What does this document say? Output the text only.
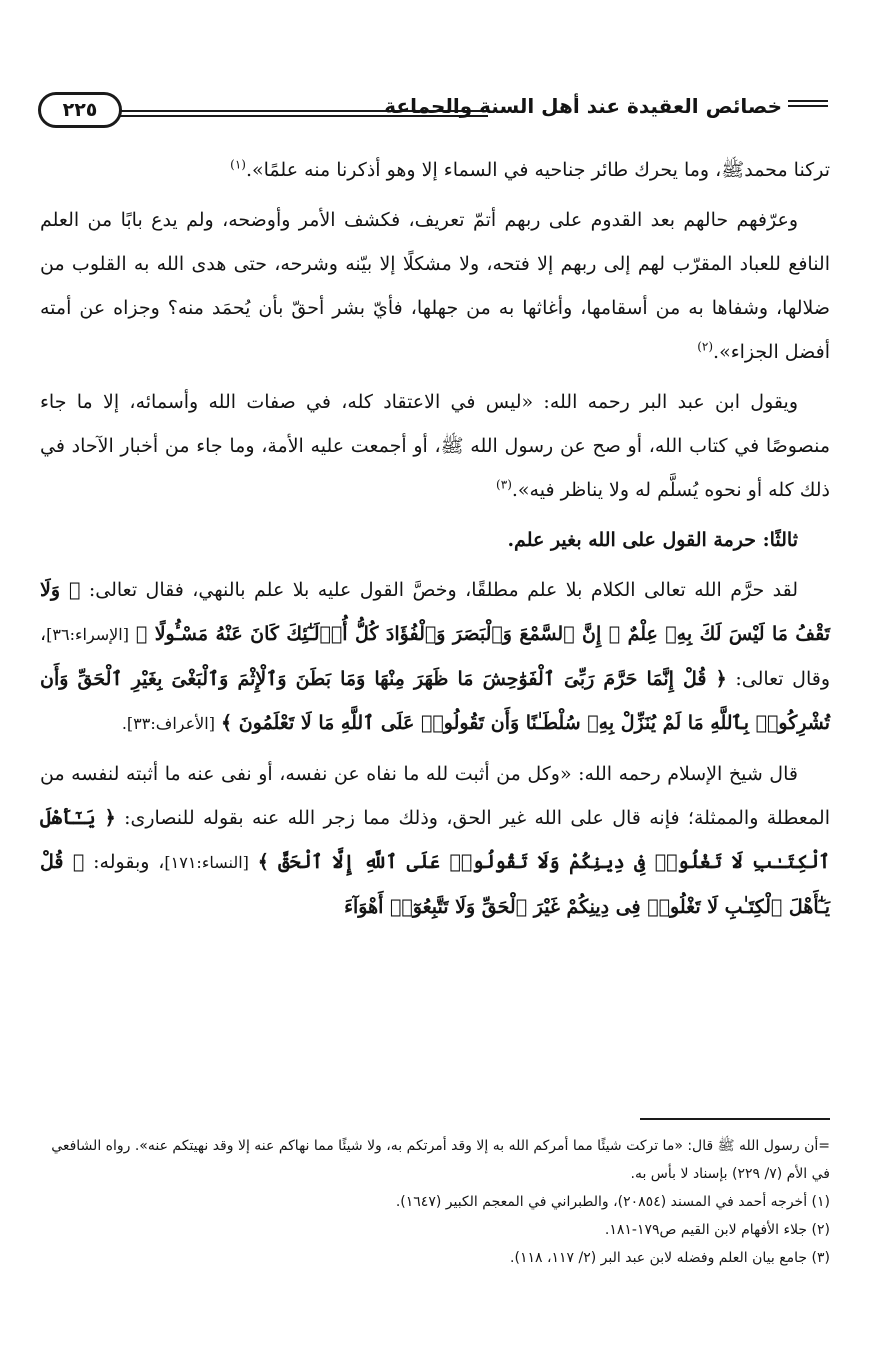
٢٢٥	خصائص العقيدة عند أهل السنة والجماعة

تركنا محمدﷺ، وما يحرك طائر جناحيه في السماء إلا وهو أذكرنا منه علمًا».$^{(١)}$

وعرّفهم حالهم بعد القدوم على ربهم أتمّ تعريف، فكشف الأمر وأوضحه، ولم يدع بابًا من العلم النافع للعباد المقرّب لهم إلى ربهم إلا فتحه، ولا مشكلًا إلا بيّنه وشرحه، حتى هدى الله به القلوب من ضلالها، وشفاها به من أسقامها، وأغاثها به من جهلها، فأيّ بشر أحقّ بأن يُحمَد منه؟ وجزاه عن أمته أفضل الجزاء».$^{(٢)}$

ويقول ابن عبد البر رحمه الله: «ليس في الاعتقاد كله، في صفات الله وأسمائه، إلا ما جاء منصوصًا في كتاب الله، أو صح عن رسول الله ﷺ، أو أجمعت عليه الأمة، وما جاء من أخبار الآحاد في ذلك كله أو نحوه يُسلَّم له ولا يناظر فيه».$^{(٣)}$

ثالثًا: حرمة القول على الله بغير علم.

لقد حرَّم الله تعالى الكلام بلا علم مطلقًا، وخصَّ القول عليه بلا علم بالنهي، فقال تعالى: ﴿ وَلَا تَقْفُ مَا لَيْسَ لَكَ بِهِۦ عِلْمٌ ۚ إِنَّ ٱلسَّمْعَ وَٱلْبَصَرَ وَٱلْفُؤَادَ كُلُّ أُو۟لَـٰٓئِكَ كَانَ عَنْهُ مَسْـُٔولًا ﴾ [الإسراء:٣٦]، وقال تعالى: ﴿ قُلْ إِنَّمَا حَرَّمَ رَبِّىَ ٱلْفَوَٰحِشَ مَا ظَهَرَ مِنْهَا وَمَا بَطَنَ وَٱلْإِثْمَ وَٱلْبَغْىَ بِغَيْرِ ٱلْحَقِّ وَأَن تُشْرِكُوا۟ بِٱللَّهِ مَا لَمْ يُنَزِّلْ بِهِۦ سُلْطَـٰنًا وَأَن تَقُولُوا۟ عَلَى ٱللَّهِ مَا لَا تَعْلَمُونَ ﴾ [الأعراف:٣٣].

قال شيخ الإسلام رحمه الله: «وكل من أثبت لله ما نفاه عن نفسه، أو نفى عنه ما أثبته لنفسه من المعطلة والممثلة؛ فإنه قال على الله غير الحق، وذلك مما زجر الله عنه بقوله للنصارى: ﴿ يَـٰٓأَهْلَ ٱلْكِتَـٰبِ لَا تَغْلُوا۟ فِى دِينِكُمْ وَلَا تَقُولُوا۟ عَلَى ٱللَّهِ إِلَّا ٱلْحَقَّ ﴾ [النساء:١٧١]، وبقوله: ﴿ قُلْ يَـٰٓأَهْلَ ٱلْكِتَـٰبِ لَا تَغْلُوا۟ فِى دِينِكُمْ غَيْرَ ٱلْحَقِّ وَلَا تَتَّبِعُوٓا۟ أَهْوَآءَ

=أن رسول الله ﷺ قال: «ما تركت شيئًا مما أمركم الله به إلا وقد أمرتكم به، ولا شيئًا مما نهاكم عنه إلا وقد نهيتكم عنه». رواه الشافعي في الأم (٧/ ٢٢٩) بإسناد لا بأس به.

(١) أخرجه أحمد في المسند (٢٠٨٥٤)، والطبراني في المعجم الكبير (١٦٤٧).

(٢) جلاء الأفهام لابن القيم ص١٧٩-١٨١.

(٣) جامع بيان العلم وفضله لابن عبد البر (٢/ ١١٧، ١١٨).
